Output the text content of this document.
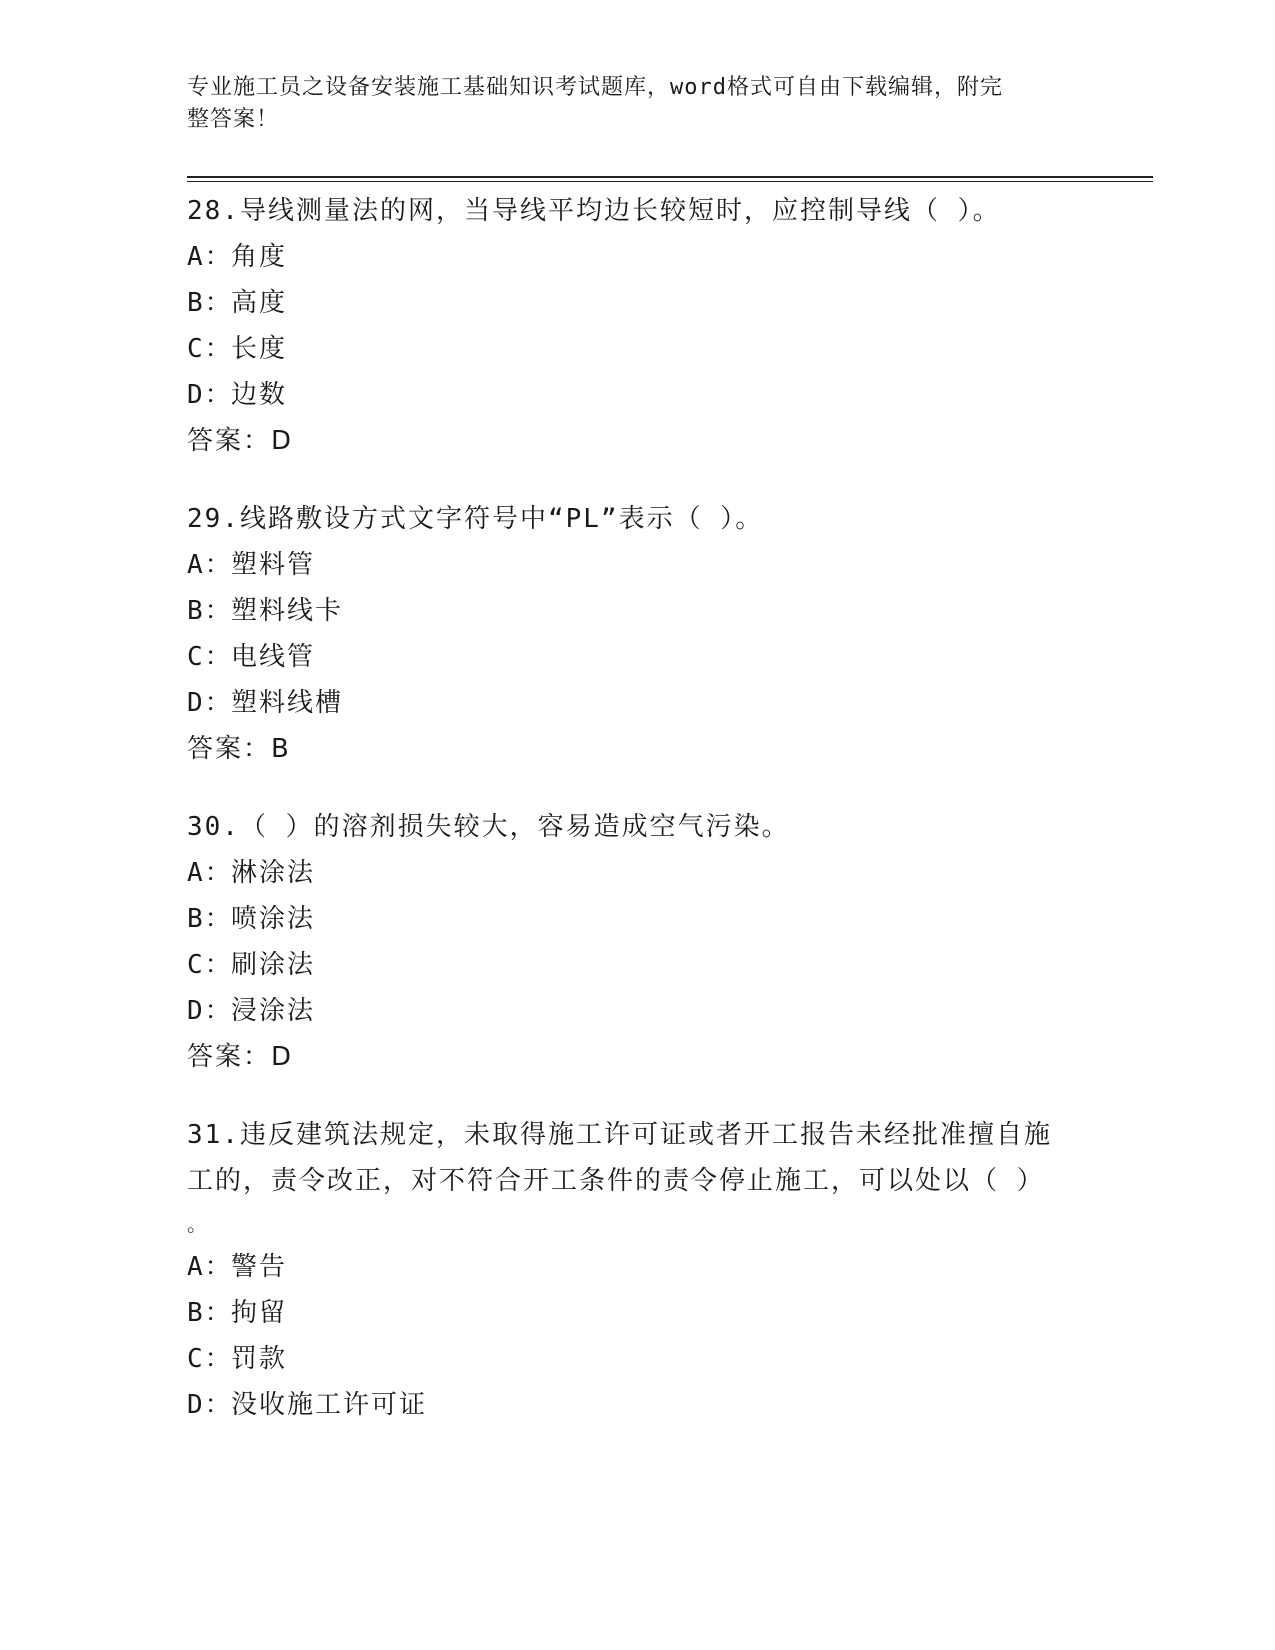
专业施工员之设备安装施工基础知识考试题库，word格式可自由下载编辑，附完
整答案！

28.导线测量法的网，当导线平均边长较短时，应控制导线（ ）。

A：角度
B：高度
C：长度
D：边数
答案：D

29.线路敷设方式文字符号中“PL”表示（ ）。

A：塑料管
B：塑料线卡
C：电线管
D：塑料线槽
答案：B

30.（ ）的溶剂损失较大，容易造成空气污染。

A：淋涂法
B：喷涂法
C：刷涂法
D：浸涂法
答案：D

31.违反建筑法规定，未取得施工许可证或者开工报告未经批准擅自施

工的，责令改正，对不符合开工条件的责令停止施工，可以处以（ ）

。

A：警告
B：拘留
C：罚款
D：没收施工许可证
